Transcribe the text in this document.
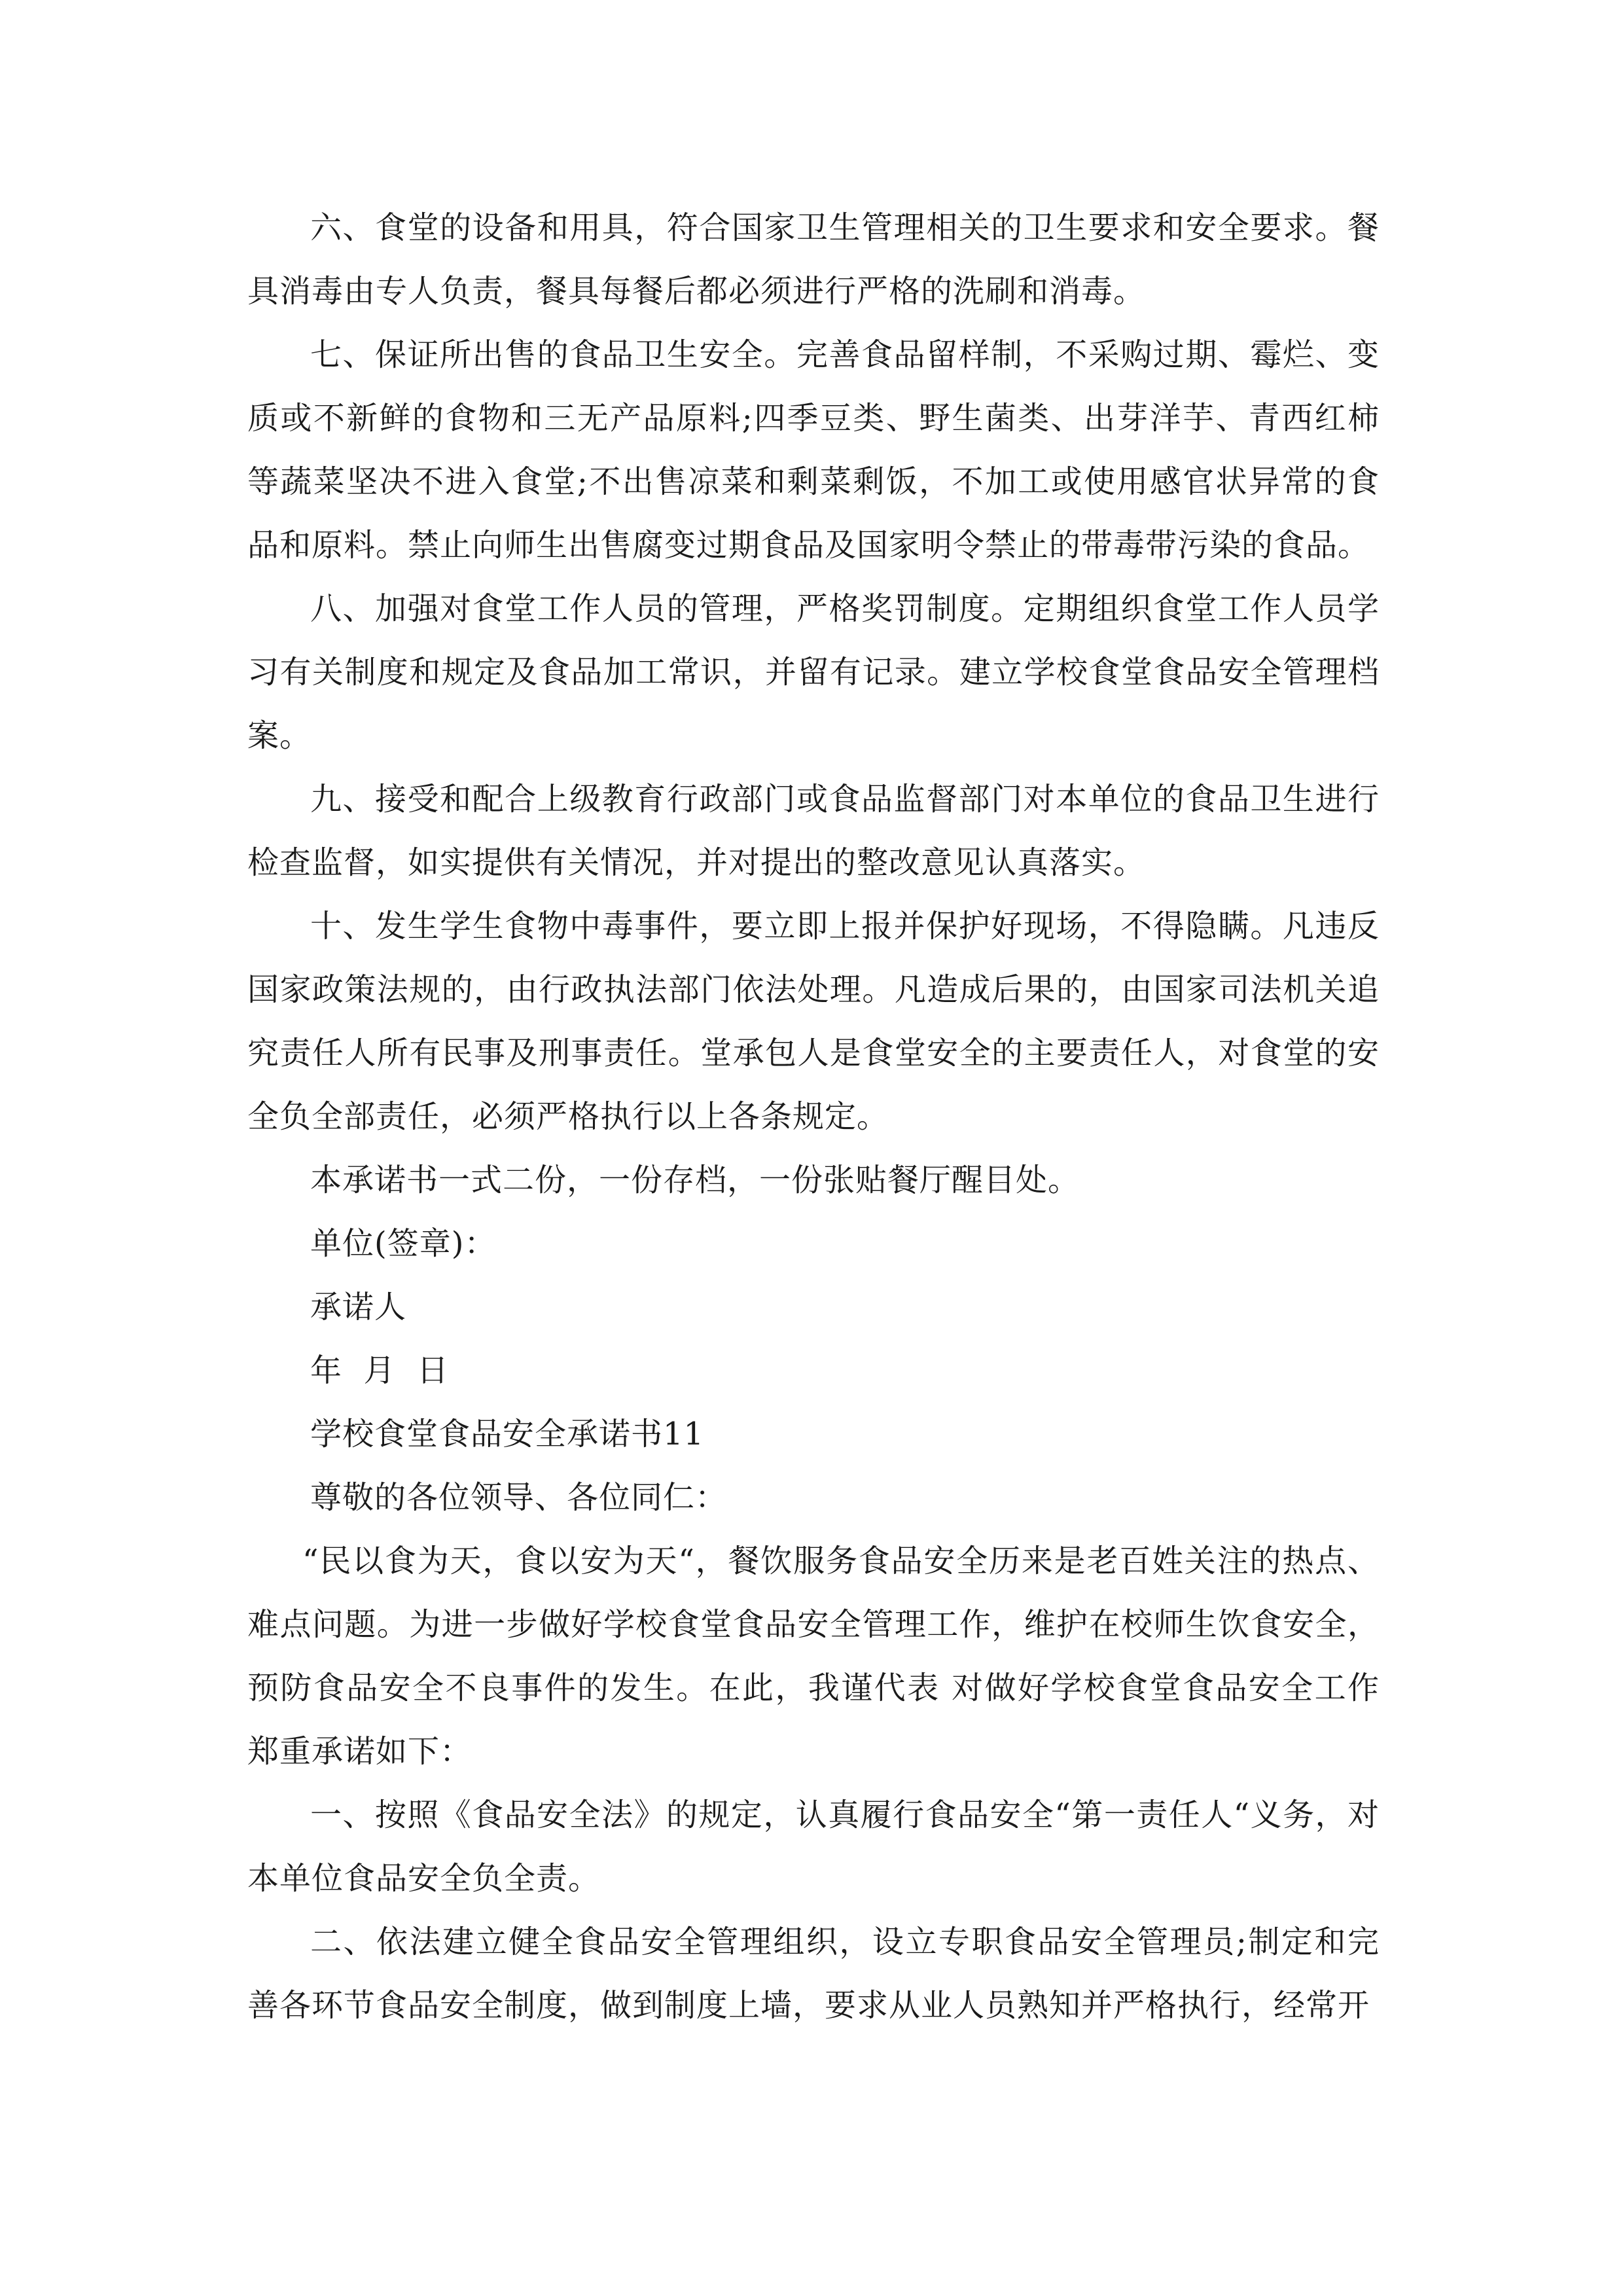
六、食堂的设备和用具，符合国家卫生管理相关的卫生要求和安全要求。餐具消毒由专人负责，餐具每餐后都必须进行严格的洗刷和消毒。

七、保证所出售的食品卫生安全。完善食品留样制，不采购过期、霉烂、变质或不新鲜的食物和三无产品原料;四季豆类、野生菌类、出芽洋芋、青西红柿等蔬菜坚决不进入食堂;不出售凉菜和剩菜剩饭，不加工或使用感官状异常的食品和原料。禁止向师生出售腐变过期食品及国家明令禁止的带毒带污染的食品。

八、加强对食堂工作人员的管理，严格奖罚制度。定期组织食堂工作人员学习有关制度和规定及食品加工常识，并留有记录。建立学校食堂食品安全管理档案。

九、接受和配合上级教育行政部门或食品监督部门对本单位的食品卫生进行检查监督，如实提供有关情况，并对提出的整改意见认真落实。

十、发生学生食物中毒事件，要立即上报并保护好现场，不得隐瞒。凡违反国家政策法规的，由行政执法部门依法处理。凡造成后果的，由国家司法机关追究责任人所有民事及刑事责任。堂承包人是食堂安全的主要责任人，对食堂的安全负全部责任，必须严格执行以上各条规定。

本承诺书一式二份，一份存档，一份张贴餐厅醒目处。

单位(签章)：

承诺人

年  月  日

学校食堂食品安全承诺书11

尊敬的各位领导、各位同仁：

“民以食为天，食以安为天“，餐饮服务食品安全历来是老百姓关注的热点、难点问题。为进一步做好学校食堂食品安全管理工作，维护在校师生饮食安全，预防食品安全不良事件的发生。在此，我谨代表 对做好学校食堂食品安全工作郑重承诺如下：

一、按照《食品安全法》的规定，认真履行食品安全“第一责任人“义务，对本单位食品安全负全责。

二、依法建立健全食品安全管理组织，设立专职食品安全管理员;制定和完善各环节食品安全制度，做到制度上墙，要求从业人员熟知并严格执行，经常开
